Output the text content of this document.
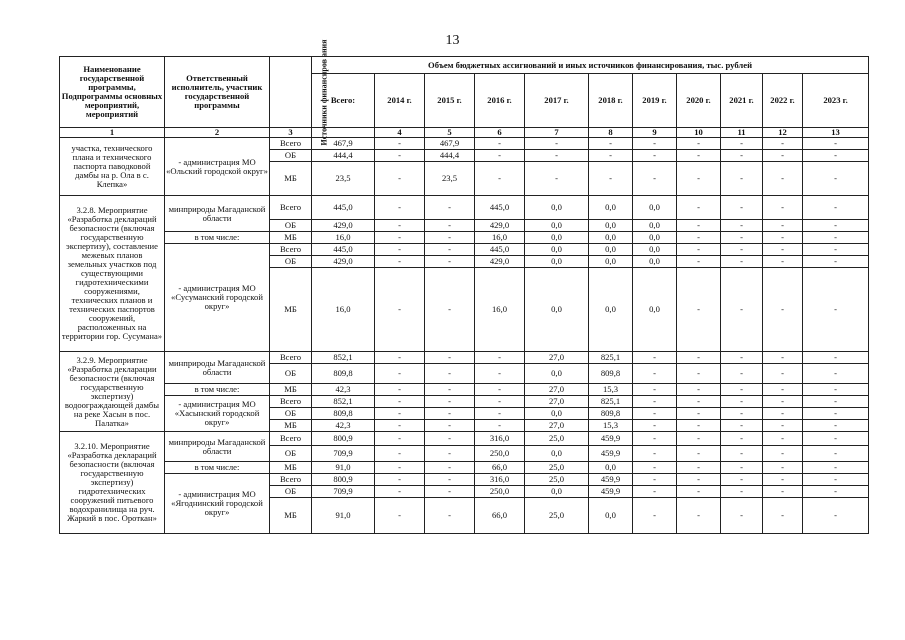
13
Наименование государственной программы, Подпрограммы основных мероприятий, мероприятий	Ответственный исполнитель, участник государственной программы	Источники финансиров ания	Объем бюджетных ассигнований и иных источников финансирования, тыс. рублей										
			Всего:	2014 г.	2015 г.	2016 г.	2017 г.	2018 г.	2019 г.	2020 г.	2021 г.	2022 г.	2023 г.
1	2	3		4	5	6	7	8	9	10	11	12	13
участка, технического плана и технического паспорта паводковой дамбы на р. Ола в с. Клепка»	- администрация МО «Ольский городской округ»	Всего	467,9	-	467,9	-	-	-	-	-	-	-	-
		ОБ	444,4	-	444,4	-	-	-	-	-	-	-	-
		МБ	23,5	-	23,5	-	-	-	-	-	-	-	-
3.2.8. Мероприятие «Разработка деклараций безопасности (включая государственную экспертизу), составление межевых планов земельных участков под существующими гидротехническими сооружениями, технических планов и технических паспортов сооружений, расположенных на территории гор. Сусумана»	минприроды Магаданской области	Всего	445,0	-	-	445,0	0,0	0,0	0,0	-	-	-	-
		ОБ	429,0	-	-	429,0	0,0	0,0	0,0	-	-	-	-
	в том числе:	МБ	16,0	-	-	16,0	0,0	0,0	0,0	-	-	-	-
	- администрация МО «Сусуманский городской округ»	Всего	445,0	-	-	445,0	0,0	0,0	0,0	-	-	-	-
		ОБ	429,0	-	-	429,0	0,0	0,0	0,0	-	-	-	-
		МБ	16,0	-	-	16,0	0,0	0,0	0,0	-	-	-	-
3.2.9. Мероприятие «Разработка декларации безопасности (включая государственную экспертизу) водоограждающей дамбы на реке Хасын в пос. Палатка»	минприроды Магаданской области	Всего	852,1	-	-	-	27,0	825,1	-	-	-	-	-
		ОБ	809,8	-	-	-	0,0	809,8	-	-	-	-	-
	в том числе:	МБ	42,3	-	-	-	27,0	15,3	-	-	-	-	-
	- администрация МО «Хасынский городской округ»	Всего	852,1	-	-	-	27,0	825,1	-	-	-	-	-
		ОБ	809,8	-	-	-	0,0	809,8	-	-	-	-	-
		МБ	42,3	-	-	-	27,0	15,3	-	-	-	-	-
3.2.10. Мероприятие «Разработка деклараций безопасности (включая государственную экспертизу) гидротехнических сооружений питьевого водохранилища на руч. Жаркий в пос. Ороткан»	минприроды Магаданской области	Всего	800,9	-	-	316,0	25,0	459,9	-	-	-	-	-
		ОБ	709,9	-	-	250,0	0,0	459,9	-	-	-	-	-
	в том числе:	МБ	91,0	-	-	66,0	25,0	0,0	-	-	-	-	-
	- администрация МО «Ягоднинский городской округ»	Всего	800,9	-	-	316,0	25,0	459,9	-	-	-	-	-
		ОБ	709,9	-	-	250,0	0,0	459,9	-	-	-	-	-
		МБ	91,0	-	-	66,0	25,0	0,0	-	-	-	-	-
